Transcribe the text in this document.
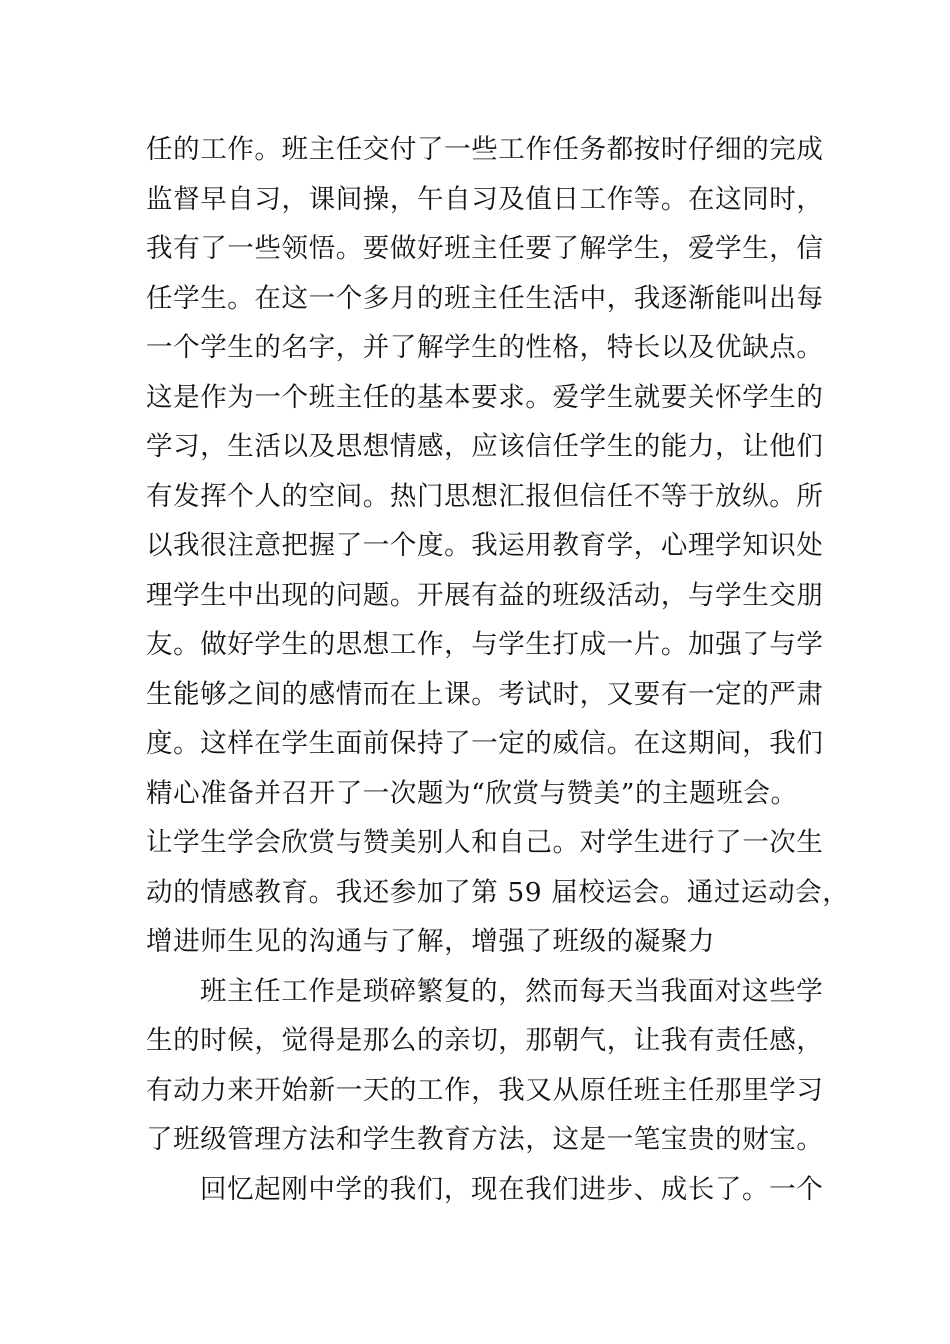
任的工作。班主任交付了一些工作任务都按时仔细的完成
监督早自习，课间操，午自习及值日工作等。在这同时，
我有了一些领悟。要做好班主任要了解学生，爱学生，信
任学生。在这一个多月的班主任生活中，我逐渐能叫出每
一个学生的名字，并了解学生的性格，特长以及优缺点。
这是作为一个班主任的基本要求。爱学生就要关怀学生的
学习，生活以及思想情感，应该信任学生的能力，让他们
有发挥个人的空间。热门思想汇报但信任不等于放纵。所
以我很注意把握了一个度。我运用教育学，心理学知识处
理学生中出现的问题。开展有益的班级活动，与学生交朋
友。做好学生的思想工作，与学生打成一片。加强了与学
生能够之间的感情而在上课。考试时，又要有一定的严肃
度。这样在学生面前保持了一定的威信。在这期间，我们
精心准备并召开了一次题为“欣赏与赞美”的主题班会。
让学生学会欣赏与赞美别人和自己。对学生进行了一次生
动的情感教育。我还参加了第 59 届校运会。通过运动会，
增进师生见的沟通与了解，增强了班级的凝聚力
班主任工作是琐碎繁复的，然而每天当我面对这些学
生的时候，觉得是那么的亲切，那朝气，让我有责任感，
有动力来开始新一天的工作，我又从原任班主任那里学习
了班级管理方法和学生教育方法，这是一笔宝贵的财宝。
回忆起刚中学的我们，现在我们进步、成长了。一个
